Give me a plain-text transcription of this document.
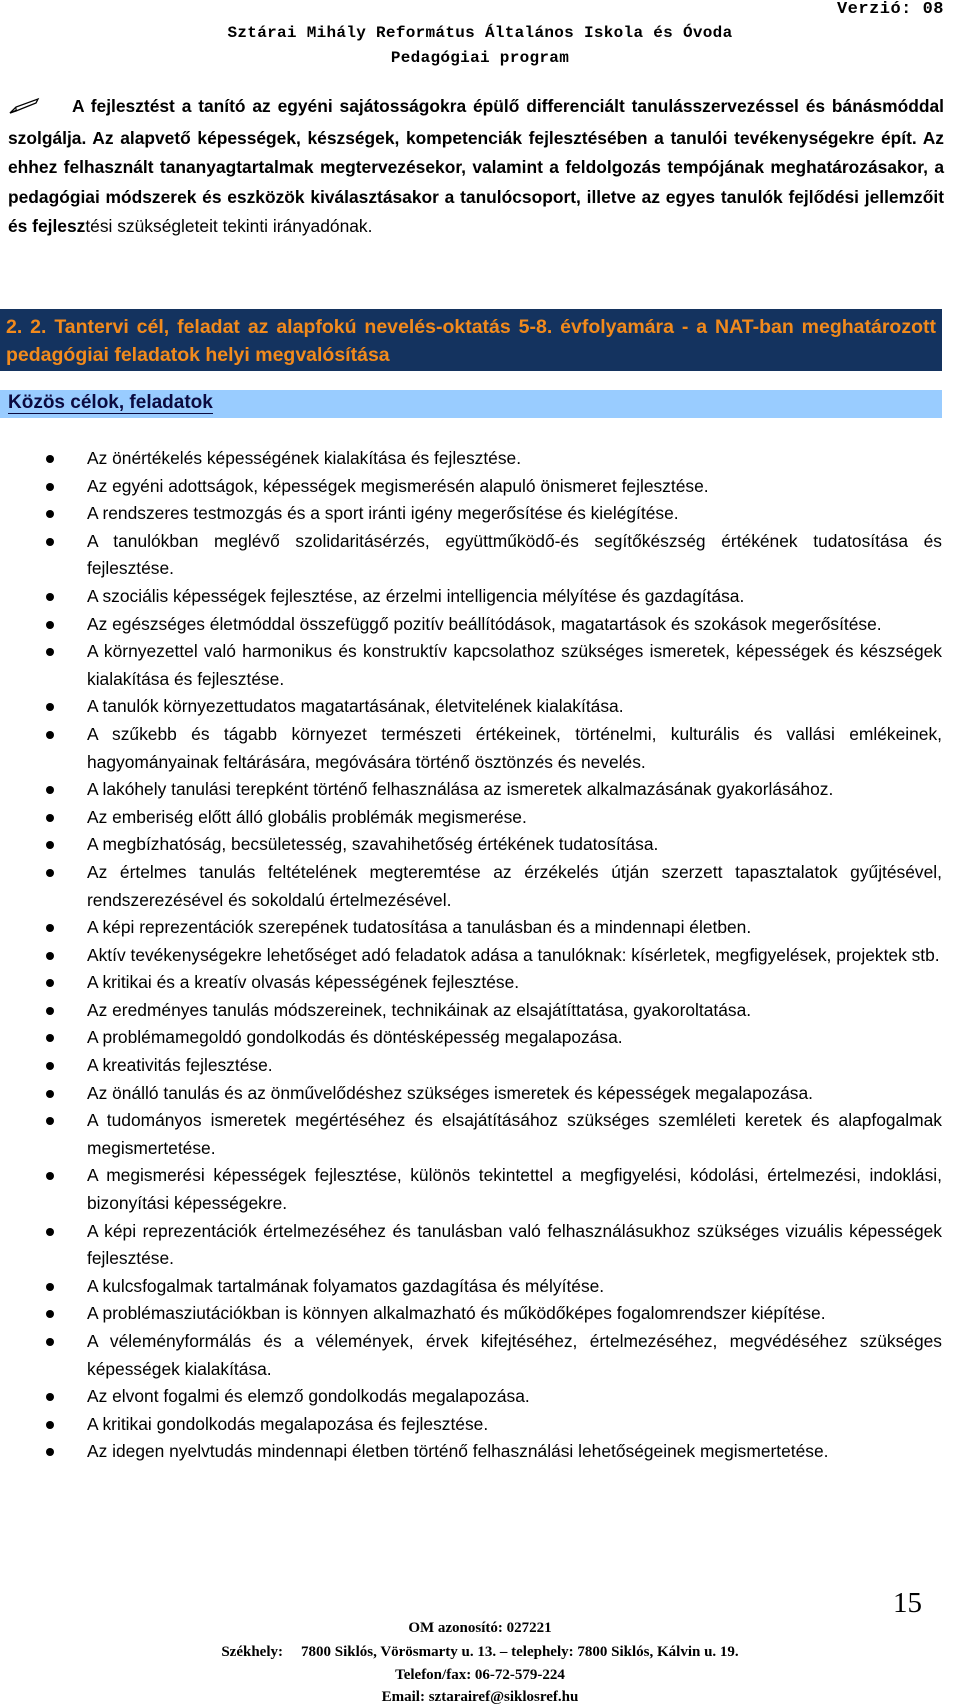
Verzió: 08
Sztárai Mihály Református Általános Iskola és Óvoda
Pedagógiai program
A fejlesztést a tanító az egyéni sajátosságokra épülő differenciált tanulásszervezéssel és bánásmóddal szolgálja. Az alapvető képességek, készségek, kompetenciák fejlesztésében a tanulói tevékenységekre épít. Az ehhez felhasznált tananyagtartalmak megtervezésekor, valamint a feldolgozás tempójának meghatározásakor, a pedagógiai módszerek és eszközök kiválasztásakor a tanulócsoport, illetve az egyes tanulók fejlődési jellemzőit és fejlesztési szükségleteit tekinti irányadónak.
2. 2. Tantervi cél, feladat az alapfokú nevelés-oktatás 5-8. évfolyamára - a NAT-ban meghatározott pedagógiai feladatok helyi megvalósítása
Közös célok, feladatok
Az önértékelés képességének kialakítása és fejlesztése.
Az egyéni adottságok, képességek megismerésén alapuló önismeret fejlesztése.
A rendszeres testmozgás és a sport iránti igény megerősítése és kielégítése.
A tanulókban meglévő szolidaritásérzés, együttműködő-és segítőkészség értékének tudatosítása és fejlesztése.
A szociális képességek fejlesztése, az érzelmi intelligencia mélyítése és gazdagítása.
Az egészséges életmóddal összefüggő pozitív beállítódások, magatartások és szokások megerősítése.
A környezettel való harmonikus és konstruktív kapcsolathoz szükséges ismeretek, képességek és készségek kialakítása és fejlesztése.
A tanulók környezettudatos magatartásának, életvitelének kialakítása.
A szűkebb és tágabb környezet természeti értékeinek, történelmi, kulturális és vallási emlékeinek, hagyományainak feltárására, megóvására történő ösztönzés és nevelés.
A lakóhely tanulási terepként történő felhasználása az ismeretek alkalmazásának gyakorlásához.
Az emberiség előtt álló globális problémák megismerése.
A megbízhatóság, becsületesség, szavahihetőség értékének tudatosítása.
Az értelmes tanulás feltételének megteremtése az érzékelés útján szerzett tapasztalatok gyűjtésével, rendszerezésével és sokoldalú értelmezésével.
A képi reprezentációk szerepének tudatosítása a tanulásban és a mindennapi életben.
Aktív tevékenységekre lehetőséget adó feladatok adása a tanulóknak: kísérletek, megfigyelések, projektek stb.
A kritikai és a kreatív olvasás képességének fejlesztése.
Az eredményes tanulás módszereinek, technikáinak az elsajátíttatása, gyakoroltatása.
A problémamegoldó gondolkodás és döntésképesség megalapozása.
A kreativitás fejlesztése.
Az önálló tanulás és az önművelődéshez szükséges ismeretek és képességek megalapozása.
A tudományos ismeretek megértéséhez és elsajátításához szükséges szemléleti keretek és alapfogalmak megismertetése.
A megismerési képességek fejlesztése, különös tekintettel a megfigyelési, kódolási, értelmezési, indoklási, bizonyítási képességekre.
A képi reprezentációk értelmezéséhez és tanulásban való felhasználásukhoz szükséges vizuális képességek fejlesztése.
A kulcsfogalmak tartalmának folyamatos gazdagítása és mélyítése.
A problémasziutációkban is könnyen alkalmazható és működőképes fogalomrendszer kiépítése.
A véleményformálás és a vélemények, érvek kifejtéséhez, értelmezéséhez, megvédéséhez szükséges képességek kialakítása.
Az elvont fogalmi és elemző gondolkodás megalapozása.
A kritikai gondolkodás megalapozása és fejlesztése.
Az idegen nyelvtudás mindennapi életben történő felhasználási lehetőségeinek megismertetése.
15
OM azonosító: 027221
Székhely: 7800 Siklós, Vörösmarty u. 13. – telephely: 7800 Siklós, Kálvin u. 19.
Telefon/fax: 06-72-579-224
Email: sztarairef@siklosref.hu
